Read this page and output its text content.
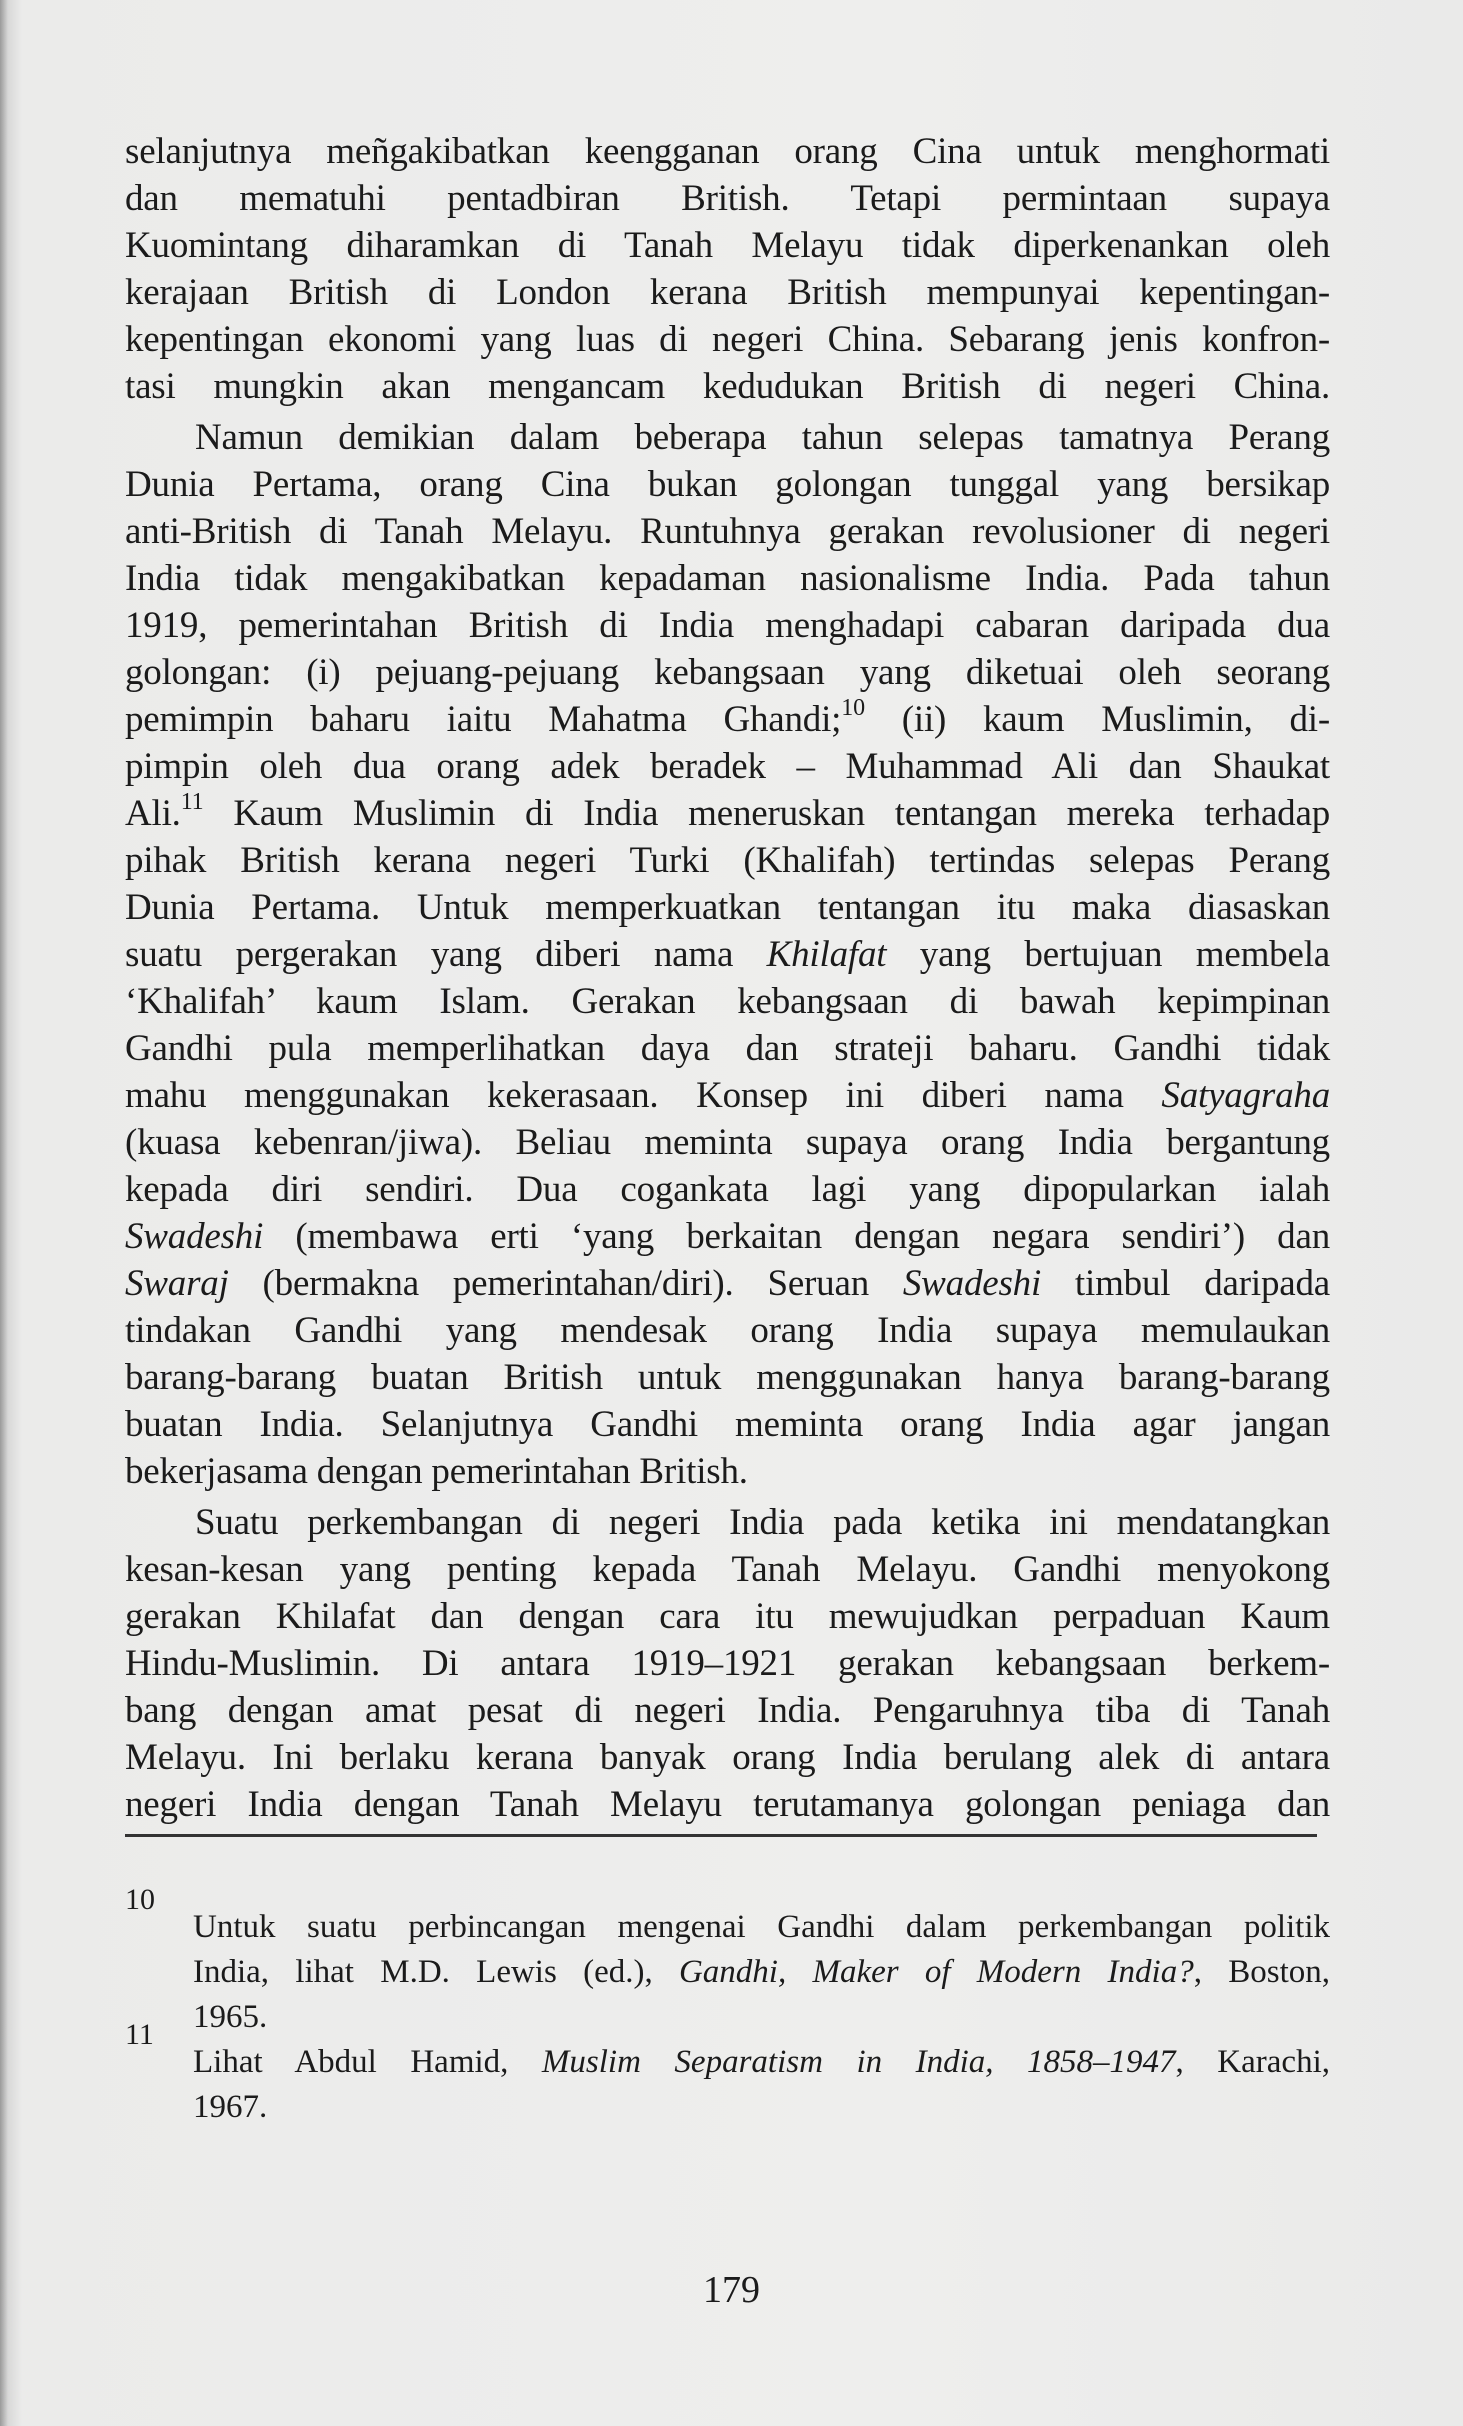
selanjutnya meñgakibatkan keengganan orang Cina untuk menghormati
dan mematuhi pentadbiran British. Tetapi permintaan supaya
Kuomintang diharamkan di Tanah Melayu tidak diperkenankan oleh
kerajaan British di London kerana British mempunyai kepentingan-
kepentingan ekonomi yang luas di negeri China. Sebarang jenis konfron-
tasi mungkin akan mengancam kedudukan British di negeri China.
Namun demikian dalam beberapa tahun selepas tamatnya Perang
Dunia Pertama, orang Cina bukan golongan tunggal yang bersikap
anti-British di Tanah Melayu. Runtuhnya gerakan revolusioner di negeri
India tidak mengakibatkan kepadaman nasionalisme India. Pada tahun
1919, pemerintahan British di India menghadapi cabaran daripada dua
golongan: (i) pejuang-pejuang kebangsaan yang diketuai oleh seorang
pemimpin baharu iaitu Mahatma Ghandi;$^{10}$ (ii) kaum Muslimin, di-
pimpin oleh dua orang adek beradek – Muhammad Ali dan Shaukat
Ali.$^{11}$ Kaum Muslimin di India meneruskan tentangan mereka terhadap
pihak British kerana negeri Turki (Khalifah) tertindas selepas Perang
Dunia Pertama. Untuk memperkuatkan tentangan itu maka diasaskan
suatu pergerakan yang diberi nama Khilafat yang bertujuan membela
‘Khalifah’ kaum Islam. Gerakan kebangsaan di bawah kepimpinan
Gandhi pula memperlihatkan daya dan strateji baharu. Gandhi tidak
mahu menggunakan kekerasaan. Konsep ini diberi nama Satyagraha
(kuasa kebenran/jiwa). Beliau meminta supaya orang India bergantung
kepada diri sendiri. Dua cogankata lagi yang dipopularkan ialah
Swadeshi (membawa erti ‘yang berkaitan dengan negara sendiri’) dan
Swaraj (bermakna pemerintahan/diri). Seruan Swadeshi timbul daripada
tindakan Gandhi yang mendesak orang India supaya memulaukan
barang-barang buatan British untuk menggunakan hanya barang-barang
buatan India. Selanjutnya Gandhi meminta orang India agar jangan
bekerjasama dengan pemerintahan British.
Suatu perkembangan di negeri India pada ketika ini mendatangkan
kesan-kesan yang penting kepada Tanah Melayu. Gandhi menyokong
gerakan Khilafat dan dengan cara itu mewujudkan perpaduan Kaum
Hindu-Muslimin. Di antara 1919–1921 gerakan kebangsaan berkem-
bang dengan amat pesat di negeri India. Pengaruhnya tiba di Tanah
Melayu. Ini berlaku kerana banyak orang India berulang alek di antara
negeri India dengan Tanah Melayu terutamanya golongan peniaga dan
10
Untuk suatu perbincangan mengenai Gandhi dalam perkembangan politik
India, lihat M.D. Lewis (ed.), Gandhi, Maker of Modern India?, Boston,
1965.
11
Lihat Abdul Hamid, Muslim Separatism in India, 1858–1947, Karachi,
1967.
179
